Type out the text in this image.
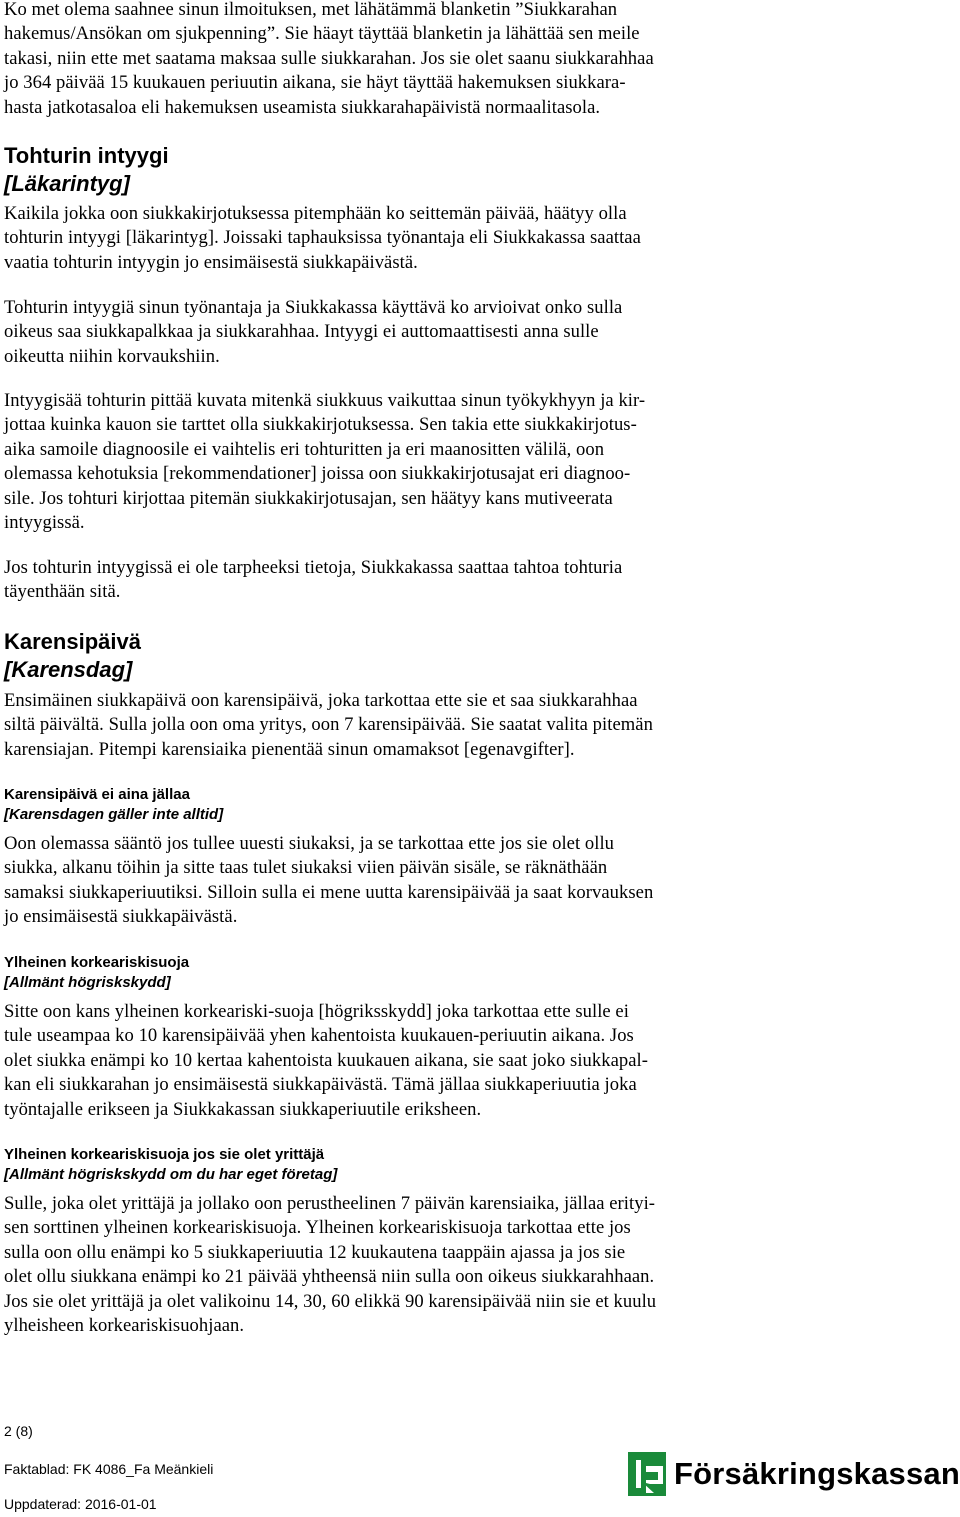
Ko met olema saahnee sinun ilmoituksen, met lähätämmä blanketin ”Siukkarahan
hakemus/Ansökan om sjukpenning”. Sie häayt täyttää blanketin ja lähättää sen meile
takasi, niin ette met saatama maksaa sulle siukkarahan. Jos sie olet saanu siukkarahhaa
jo 364 päivää 15 kuukauen periuutin aikana, sie häyt täyttää hakemuksen siukkara-
hasta jatkotasaloa eli hakemuksen useamista siukkarahapäivistä normaalitasola.

Tohturin intyygi
[Läkarintyg]

Kaikila jokka oon siukkakirjotuksessa pitemphään ko seittemän päivää, häätyy olla
tohturin intyygi [läkarintyg]. Joissaki taphauksissa työnantaja eli Siukkakassa saattaa
vaatia tohturin intyygin jo ensimäisestä siukkapäivästä.

Tohturin intyygiä sinun työnantaja ja Siukkakassa käyttävä ko arvioivat onko sulla
oikeus saa siukkapalkkaa ja siukkarahhaa. Intyygi ei auttomaattisesti anna sulle
oikeutta niihin korvaukshiin.

Intyygisää tohturin pittää kuvata mitenkä siukkuus vaikuttaa sinun työkykhyyn ja kir-
jottaa kuinka kauon sie tarttet olla siukkakirjotuksessa. Sen takia ette siukkakirjotus-
aika samoile diagnoosile ei vaihtelis eri tohturitten ja eri maanositten välilä, oon
olemassa kehotuksia [rekommendationer] joissa oon siukkakirjotusajat eri diagnoo-
sile. Jos tohturi kirjottaa pitemän siukkakirjotusajan, sen häätyy kans mutiveerata
intyygissä.

Jos tohturin intyygissä ei ole tarpheeksi tietoja, Siukkakassa saattaa tahtoa tohturia
täyenthään sitä.

Karensipäivä
[Karensdag]

Ensimäinen siukkapäivä oon karensipäivä, joka tarkottaa ette sie et saa siukkarahhaa
siltä päivältä. Sulla jolla oon oma yritys, oon 7 karensipäivää. Sie saatat valita pitemän
karensiajan. Pitempi karensiaika pienentää sinun omamaksot [egenavgifter].

Karensipäivä ei aina jällaa
[Karensdagen gäller inte alltid]

Oon olemassa sääntö jos tullee uuesti siukaksi, ja se tarkottaa ette jos sie olet ollu
siukka, alkanu töihin ja sitte taas tulet siukaksi viien päivän sisäle, se räknäthään
samaksi siukkaperiuutiksi. Silloin sulla ei mene uutta karensipäivää ja saat korvauksen
jo ensimäisestä siukkapäivästä.

Ylheinen korkeariskisuoja
[Allmänt högriskskydd]

Sitte oon kans ylheinen korkeariski-suoja [högriksskydd] joka tarkottaa ette sulle ei
tule useampaa ko 10 karensipäivää yhen kahentoista kuukauen-periuutin aikana. Jos
olet siukka enämpi ko 10 kertaa kahentoista kuukauen aikana, sie saat joko siukkapal-
kan eli siukkarahan jo ensimäisestä siukkapäivästä. Tämä jällaa siukkaperiuutia joka
työntajalle erikseen ja Siukkakassan siukkaperiuutile eriksheen.

Ylheinen korkeariskisuoja jos sie olet yrittäjä
[Allmänt högriskskydd om du har eget företag]

Sulle, joka olet yrittäjä ja jollako oon perustheelinen 7 päivän karensiaika, jällaa erityi-
sen sorttinen ylheinen korkeariskisuoja. Ylheinen korkeariskisuoja tarkottaa ette jos
sulla oon ollu enämpi ko 5 siukkaperiuutia 12 kuukautena taappäin ajassa ja jos sie
olet ollu siukkana enämpi ko 21 päivää yhtheensä niin sulla oon oikeus siukkarahhaan.
Jos sie olet yrittäjä ja olet valikoinu 14, 30, 60 elikkä 90 karensipäivää niin sie et kuulu
ylheisheen korkeariskisuohjaan.

2 (8)
Faktablad: FK 4086_Fa Meänkieli
Uppdaterad: 2016-01-01
Försäkringskassan
